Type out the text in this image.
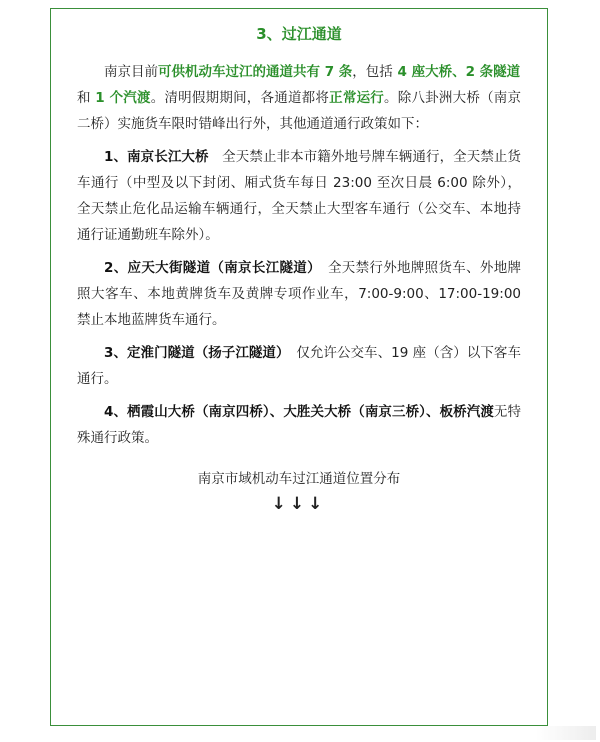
3、过江通道

南京目前可供机动车过江的通道共有 7 条，包括 4 座大桥、2 条隧道
和 1 个汽渡。清明假期期间，各通道都将正常运行。除八卦洲大桥（南京二桥）实施货车限时错峰出行外，其他通道通行政策如下：

1、南京长江大桥　全天禁止非本市籍外地号牌车辆通行，全天禁止货车通行（中型及以下封闭、厢式货车每日 23:00 至次日晨 6:00 除外），全天禁止危化品运输车辆通行，全天禁止大型客车通行（公交车、本地持通行证通勤班车除外）。

2、应天大街隧道（南京长江隧道）　全天禁行外地牌照货车、外地牌照大客车、本地黄牌货车及黄牌专项作业车，7:00-9:00、17:00-19:00 禁止本地蓝牌货车通行。

3、定淮门隧道（扬子江隧道）　仅允许公交车、19 座（含）以下客车通行。

4、栖霞山大桥（南京四桥）、大胜关大桥（南京三桥）、板桥汽渡无特殊通行政策。

南京市域机动车过江通道位置分布
↓↓↓
